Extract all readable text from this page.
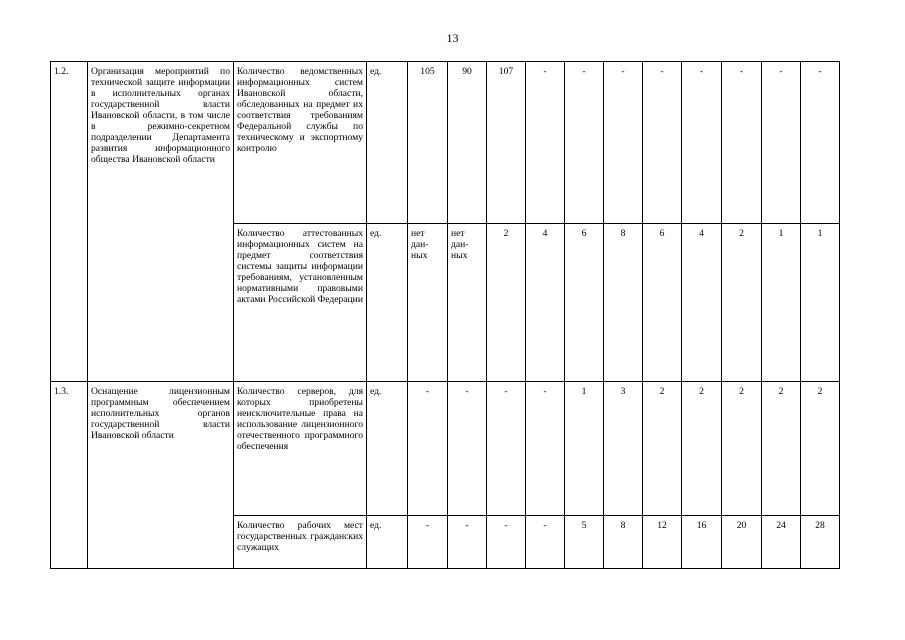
13
1.2.	Организация мероприятий по технической защите информации в исполнительных органах государственной власти Ивановской области, в том числе в режимно-секретном подразделении Департамента развития информационного общества Ивановской области	Количество ведомственных информационных систем Ивановской области, обследованных на предмет их соответствия требованиям Федеральной службы по техническому и экспортному контролю	ед.	105	90	107	-	-	-	-	-	-	-	-
		Количество аттестованных информационных систем на предмет соответствия системы защиты информации требованиям, установленным нормативными правовыми актами Российской Федерации	ед.	нет дан-ных	нет дан-ных	2	4	6	8	6	4	2	1	1
1.3.	Оснащение лицензионным программным обеспечением исполнительных органов государственной власти Ивановской области	Количество серверов, для которых приобретены неисключительные права на использование лицензионного отечественного программного обеспечения	ед.	-	-	-	-	1	3	2	2	2	2	2
		Количество рабочих мест государственных гражданских служащих	ед.	-	-	-	-	5	8	12	16	20	24	28
